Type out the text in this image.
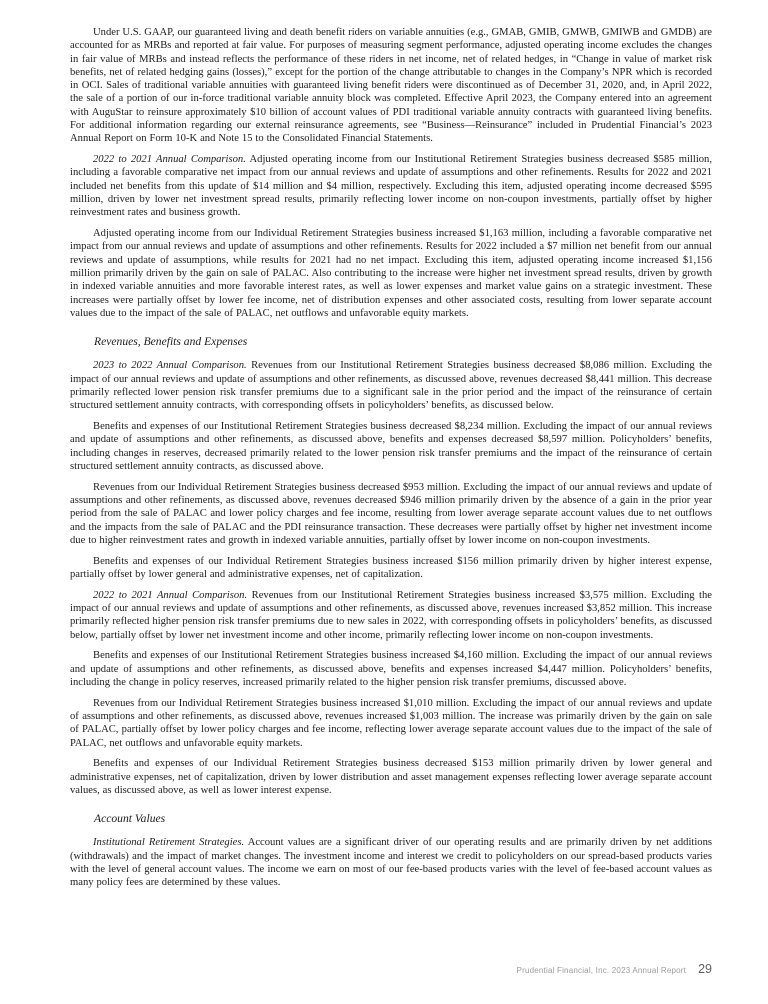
Under U.S. GAAP, our guaranteed living and death benefit riders on variable annuities (e.g., GMAB, GMIB, GMWB, GMIWB and GMDB) are accounted for as MRBs and reported at fair value. For purposes of measuring segment performance, adjusted operating income excludes the changes in fair value of MRBs and instead reflects the performance of these riders in net income, net of related hedges, in “Change in value of market risk benefits, net of related hedging gains (losses),” except for the portion of the change attributable to changes in the Company’s NPR which is recorded in OCI. Sales of traditional variable annuities with guaranteed living benefit riders were discontinued as of December 31, 2020, and, in April 2022, the sale of a portion of our in-force traditional variable annuity block was completed. Effective April 2023, the Company entered into an agreement with AuguStar to reinsure approximately $10 billion of account values of PDI traditional variable annuity contracts with guaranteed living benefits. For additional information regarding our external reinsurance agreements, see “Business—Reinsurance” included in Prudential Financial’s 2023 Annual Report on Form 10-K and Note 15 to the Consolidated Financial Statements.

2022 to 2021 Annual Comparison. Adjusted operating income from our Institutional Retirement Strategies business decreased $585 million, including a favorable comparative net impact from our annual reviews and update of assumptions and other refinements. Results for 2022 and 2021 included net benefits from this update of $14 million and $4 million, respectively. Excluding this item, adjusted operating income decreased $595 million, driven by lower net investment spread results, primarily reflecting lower income on non-coupon investments, partially offset by higher reinvestment rates and business growth.

Adjusted operating income from our Individual Retirement Strategies business increased $1,163 million, including a favorable comparative net impact from our annual reviews and update of assumptions and other refinements. Results for 2022 included a $7 million net benefit from our annual reviews and update of assumptions, while results for 2021 had no net impact. Excluding this item, adjusted operating income increased $1,156 million primarily driven by the gain on sale of PALAC. Also contributing to the increase were higher net investment spread results, driven by growth in indexed variable annuities and more favorable interest rates, as well as lower expenses and market value gains on a strategic investment. These increases were partially offset by lower fee income, net of distribution expenses and other associated costs, resulting from lower separate account values due to the impact of the sale of PALAC, net outflows and unfavorable equity markets.

Revenues, Benefits and Expenses

2023 to 2022 Annual Comparison. Revenues from our Institutional Retirement Strategies business decreased $8,086 million. Excluding the impact of our annual reviews and update of assumptions and other refinements, as discussed above, revenues decreased $8,441 million. This decrease primarily reflected lower pension risk transfer premiums due to a significant sale in the prior period and the impact of the reinsurance of certain structured settlement annuity contracts, with corresponding offsets in policyholders’ benefits, as discussed below.

Benefits and expenses of our Institutional Retirement Strategies business decreased $8,234 million. Excluding the impact of our annual reviews and update of assumptions and other refinements, as discussed above, benefits and expenses decreased $8,597 million. Policyholders’ benefits, including changes in reserves, decreased primarily related to the lower pension risk transfer premiums and the impact of the reinsurance of certain structured settlement annuity contracts, as discussed above.

Revenues from our Individual Retirement Strategies business decreased $953 million. Excluding the impact of our annual reviews and update of assumptions and other refinements, as discussed above, revenues decreased $946 million primarily driven by the absence of a gain in the prior year period from the sale of PALAC and lower policy charges and fee income, resulting from lower average separate account values due to net outflows and the impacts from the sale of PALAC and the PDI reinsurance transaction. These decreases were partially offset by higher net investment income due to higher reinvestment rates and growth in indexed variable annuities, partially offset by lower income on non-coupon investments.

Benefits and expenses of our Individual Retirement Strategies business increased $156 million primarily driven by higher interest expense, partially offset by lower general and administrative expenses, net of capitalization.

2022 to 2021 Annual Comparison. Revenues from our Institutional Retirement Strategies business increased $3,575 million. Excluding the impact of our annual reviews and update of assumptions and other refinements, as discussed above, revenues increased $3,852 million. This increase primarily reflected higher pension risk transfer premiums due to new sales in 2022, with corresponding offsets in policyholders’ benefits, as discussed below, partially offset by lower net investment income and other income, primarily reflecting lower income on non-coupon investments.

Benefits and expenses of our Institutional Retirement Strategies business increased $4,160 million. Excluding the impact of our annual reviews and update of assumptions and other refinements, as discussed above, benefits and expenses increased $4,447 million. Policyholders’ benefits, including the change in policy reserves, increased primarily related to the higher pension risk transfer premiums, discussed above.

Revenues from our Individual Retirement Strategies business increased $1,010 million. Excluding the impact of our annual reviews and update of assumptions and other refinements, as discussed above, revenues increased $1,003 million. The increase was primarily driven by the gain on sale of PALAC, partially offset by lower policy charges and fee income, reflecting lower average separate account values due to the impact of the sale of PALAC, net outflows and unfavorable equity markets.

Benefits and expenses of our Individual Retirement Strategies business decreased $153 million primarily driven by lower general and administrative expenses, net of capitalization, driven by lower distribution and asset management expenses reflecting lower average separate account values, as discussed above, as well as lower interest expense.

Account Values

Institutional Retirement Strategies. Account values are a significant driver of our operating results and are primarily driven by net additions (withdrawals) and the impact of market changes. The investment income and interest we credit to policyholders on our spread-based products varies with the level of general account values. The income we earn on most of our fee-based products varies with the level of fee-based account values as many policy fees are determined by these values.

Prudential Financial, Inc. 2023 Annual Report 29
